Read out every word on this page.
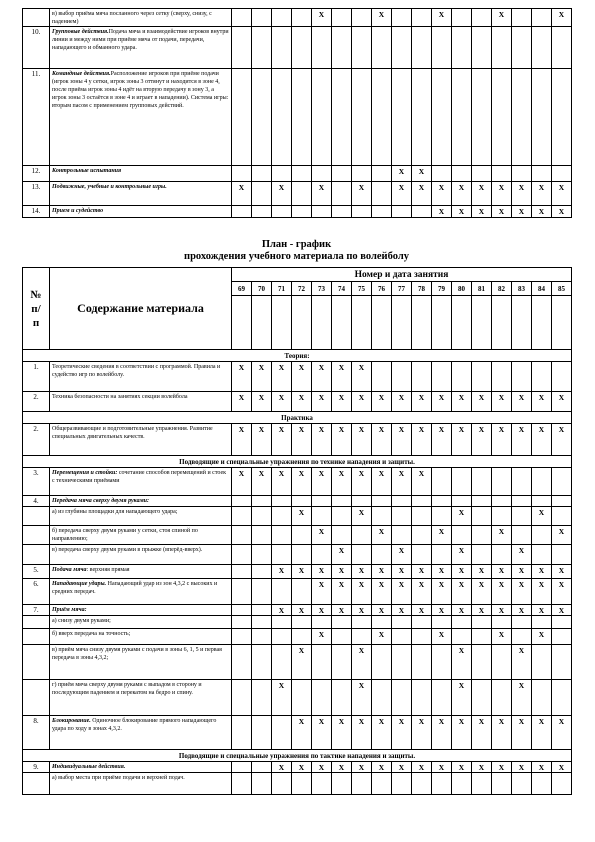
	в) выбор приёма мяча посланного через сетку (сверху, снизу, с падением)					X			X			X			X			X
10.	Групповые действия.Подача мяча и взаимодействие игроков внутри линии и между ними при приёме мяча от подачи, передачи, нападающего и обманного удара.																	
11.	Командные действия.Расположение игроков при приёме подачи (игрок зоны 4 у сетки, игрок зоны 3 оттянут и находится в зоне 4, после приёма игрок зоны 4 идёт на вторую передачу в зону 3, а игрок зоны 3 остаётся в зоне 4 и играет в нападении). Система игры: вторым пасом с применением групповых действий.																	
12.	Контрольные испытания									X	X							
13.	Подвижные, учебные и контрольные игры.	X		X		X		X		X	X	X	X	X	X	X	X	X
14.	Прием и судейство											X	X	X	X	X	X	X
План - график
прохождения учебного материала по волейболу
№
п/
п	Содержание материала	Номер и дата занятия																
		69	70	71	72	73	74	75	76	77	78	79	80	81	82	83	84	85

Теория:																		
1.	Теоретические сведения в соответствии с программой. Правила и судейство игр по волейболу.	X	X	X	X	X	X	X										
2.	Техника безопасности на занятиях секции волейбола	X	X	X	X	X	X	X	X	X	X	X	X	X	X	X	X	X
Практика																		
2.	Общеразвивающие и подготовительные упражнения. Развитие специальных двигательных качеств.	X	X	X	X	X	X	X	X	X	X	X	X	X	X	X	X	X
Подводящие и специальные упражнения по технике нападения и защиты.																		
3.	Перемещения и стойки: сочетание способов перемещений и стоек с техническими приёмами	X	X	X	X	X	X	X	X	X	X							
4.	Передача мяча сверху двумя руками:																	
	а) из глубины площадки для нападающего удара;				X			X					X				X	
	б) передача сверху двумя руками у сетки, стоя спиной по направлению;					X			X			X			X			X
	в) передача сверху двумя руками в прыжке (вперёд-вверх).						X			X			X			X		
5.	Подача мяча: верхняя прямая			X	X	X	X	X	X	X	X	X	X	X	X	X	X	X
6.	Нападающие удары. Нападающий удар из зон 4,3,2 с высоких и средних передач.					X	X	X	X	X	X	X	X	X	X	X	X	X
7.	Приём мяча:			X	X	X	X	X	X	X	X	X	X	X	X	X	X	X
	а) снизу двумя руками;																	
	б) вверх передача на точность;					X			X			X			X		X	
	в) приём мяча снизу двумя руками с подачи в зоны 6, 1, 5 и первая передача в зоны 4,3,2;				X			X					X			X		
	г) приём мяча сверху двумя руками с выпадом в сторону и последующим падением и перекатом на бедро и спину.			X				X					X			X		
8.	Блокирование. Одиночное блокирование прямого нападающего удара по ходу в зонах 4,3,2.				X	X	X	X	X	X	X	X	X	X	X	X	X	X
Подводящие и специальные упражнения по тактике нападения и защиты.																		
9.	Индивидуальные действия.			X	X	X	X	X	X	X	X	X	X	X	X	X	X	X
	а) выбор места при приёме подачи и верхней подач.																	
